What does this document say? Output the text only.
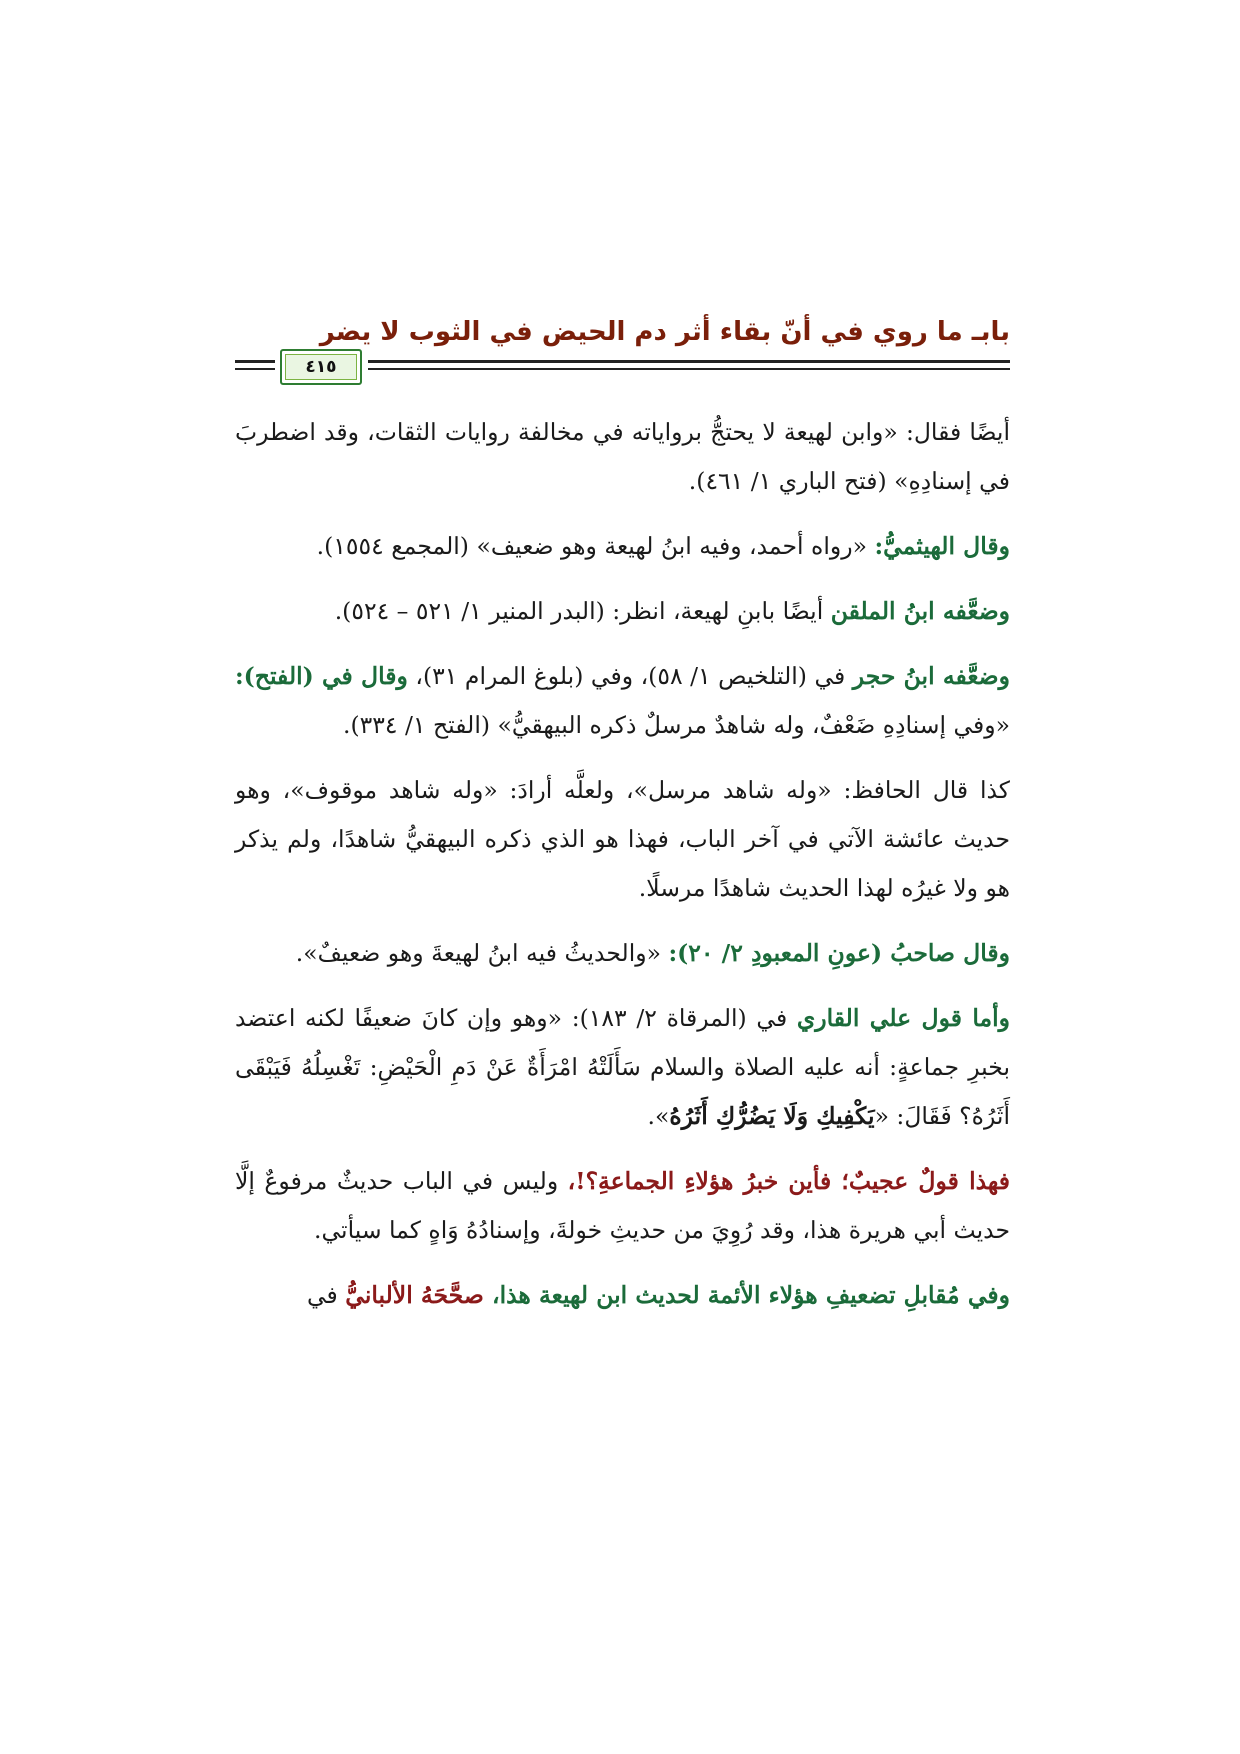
بابـ ما روي في أنّ بقاء أثر دم الحيض في الثوب لا يضر
٤١٥

أيضًا فقال: «وابن لهيعة لا يحتجُّ برواياته في مخالفة روايات الثقات، وقد اضطربَ في إسنادِهِ» (فتح الباري ١/ ٤٦١).

وقال الهيثميُّ: «رواه أحمد، وفيه ابنُ لهيعة وهو ضعيف» (المجمع ١٥٥٤).

وضعَّفه ابنُ الملقن أيضًا بابنِ لهيعة، انظر: (البدر المنير ١/ ٥٢١ – ٥٢٤).

وضعَّفه ابنُ حجر في (التلخيص ١/ ٥٨)، وفي (بلوغ المرام ٣١)، وقال في (الفتح): «وفي إسنادِهِ ضَعْفٌ، وله شاهدٌ مرسلٌ ذكره البيهقيُّ» (الفتح ١/ ٣٣٤).

كذا قال الحافظ: «وله شاهد مرسل»، ولعلَّه أرادَ: «وله شاهد موقوف»، وهو حديث عائشة الآتي في آخر الباب، فهذا هو الذي ذكره البيهقيُّ شاهدًا، ولم يذكر هو ولا غيرُه لهذا الحديث شاهدًا مرسلًا.

وقال صاحبُ (عونِ المعبودِ ٢/ ٢٠): «والحديثُ فيه ابنُ لهيعةَ وهو ضعيفٌ».

وأما قول علي القاري في (المرقاة ٢/ ١٨٣): «وهو وإن كانَ ضعيفًا لكنه اعتضد بخبرِ جماعةٍ: أنه عليه الصلاة والسلام سَأَلَتْهُ امْرَأَةٌ عَنْ دَمِ الْحَيْضِ: تَغْسِلُهُ فَيَبْقَى أَثَرُهُ؟ فَقَالَ: «يَكْفِيكِ وَلَا يَضُرُّكِ أَثَرُهُ».

فهذا قولٌ عجيبٌ؛ فأين خبرُ هؤلاءِ الجماعةِ؟!، وليس في الباب حديثٌ مرفوعٌ إلَّا حديث أبي هريرة هذا، وقد رُوِيَ من حديثِ خولةَ، وإسنادُهُ وَاهٍ كما سيأتي.

وفي مُقابلِ تضعيفِ هؤلاء الأئمة لحديث ابن لهيعة هذا، صحَّحَهُ الألبانيُّ في
